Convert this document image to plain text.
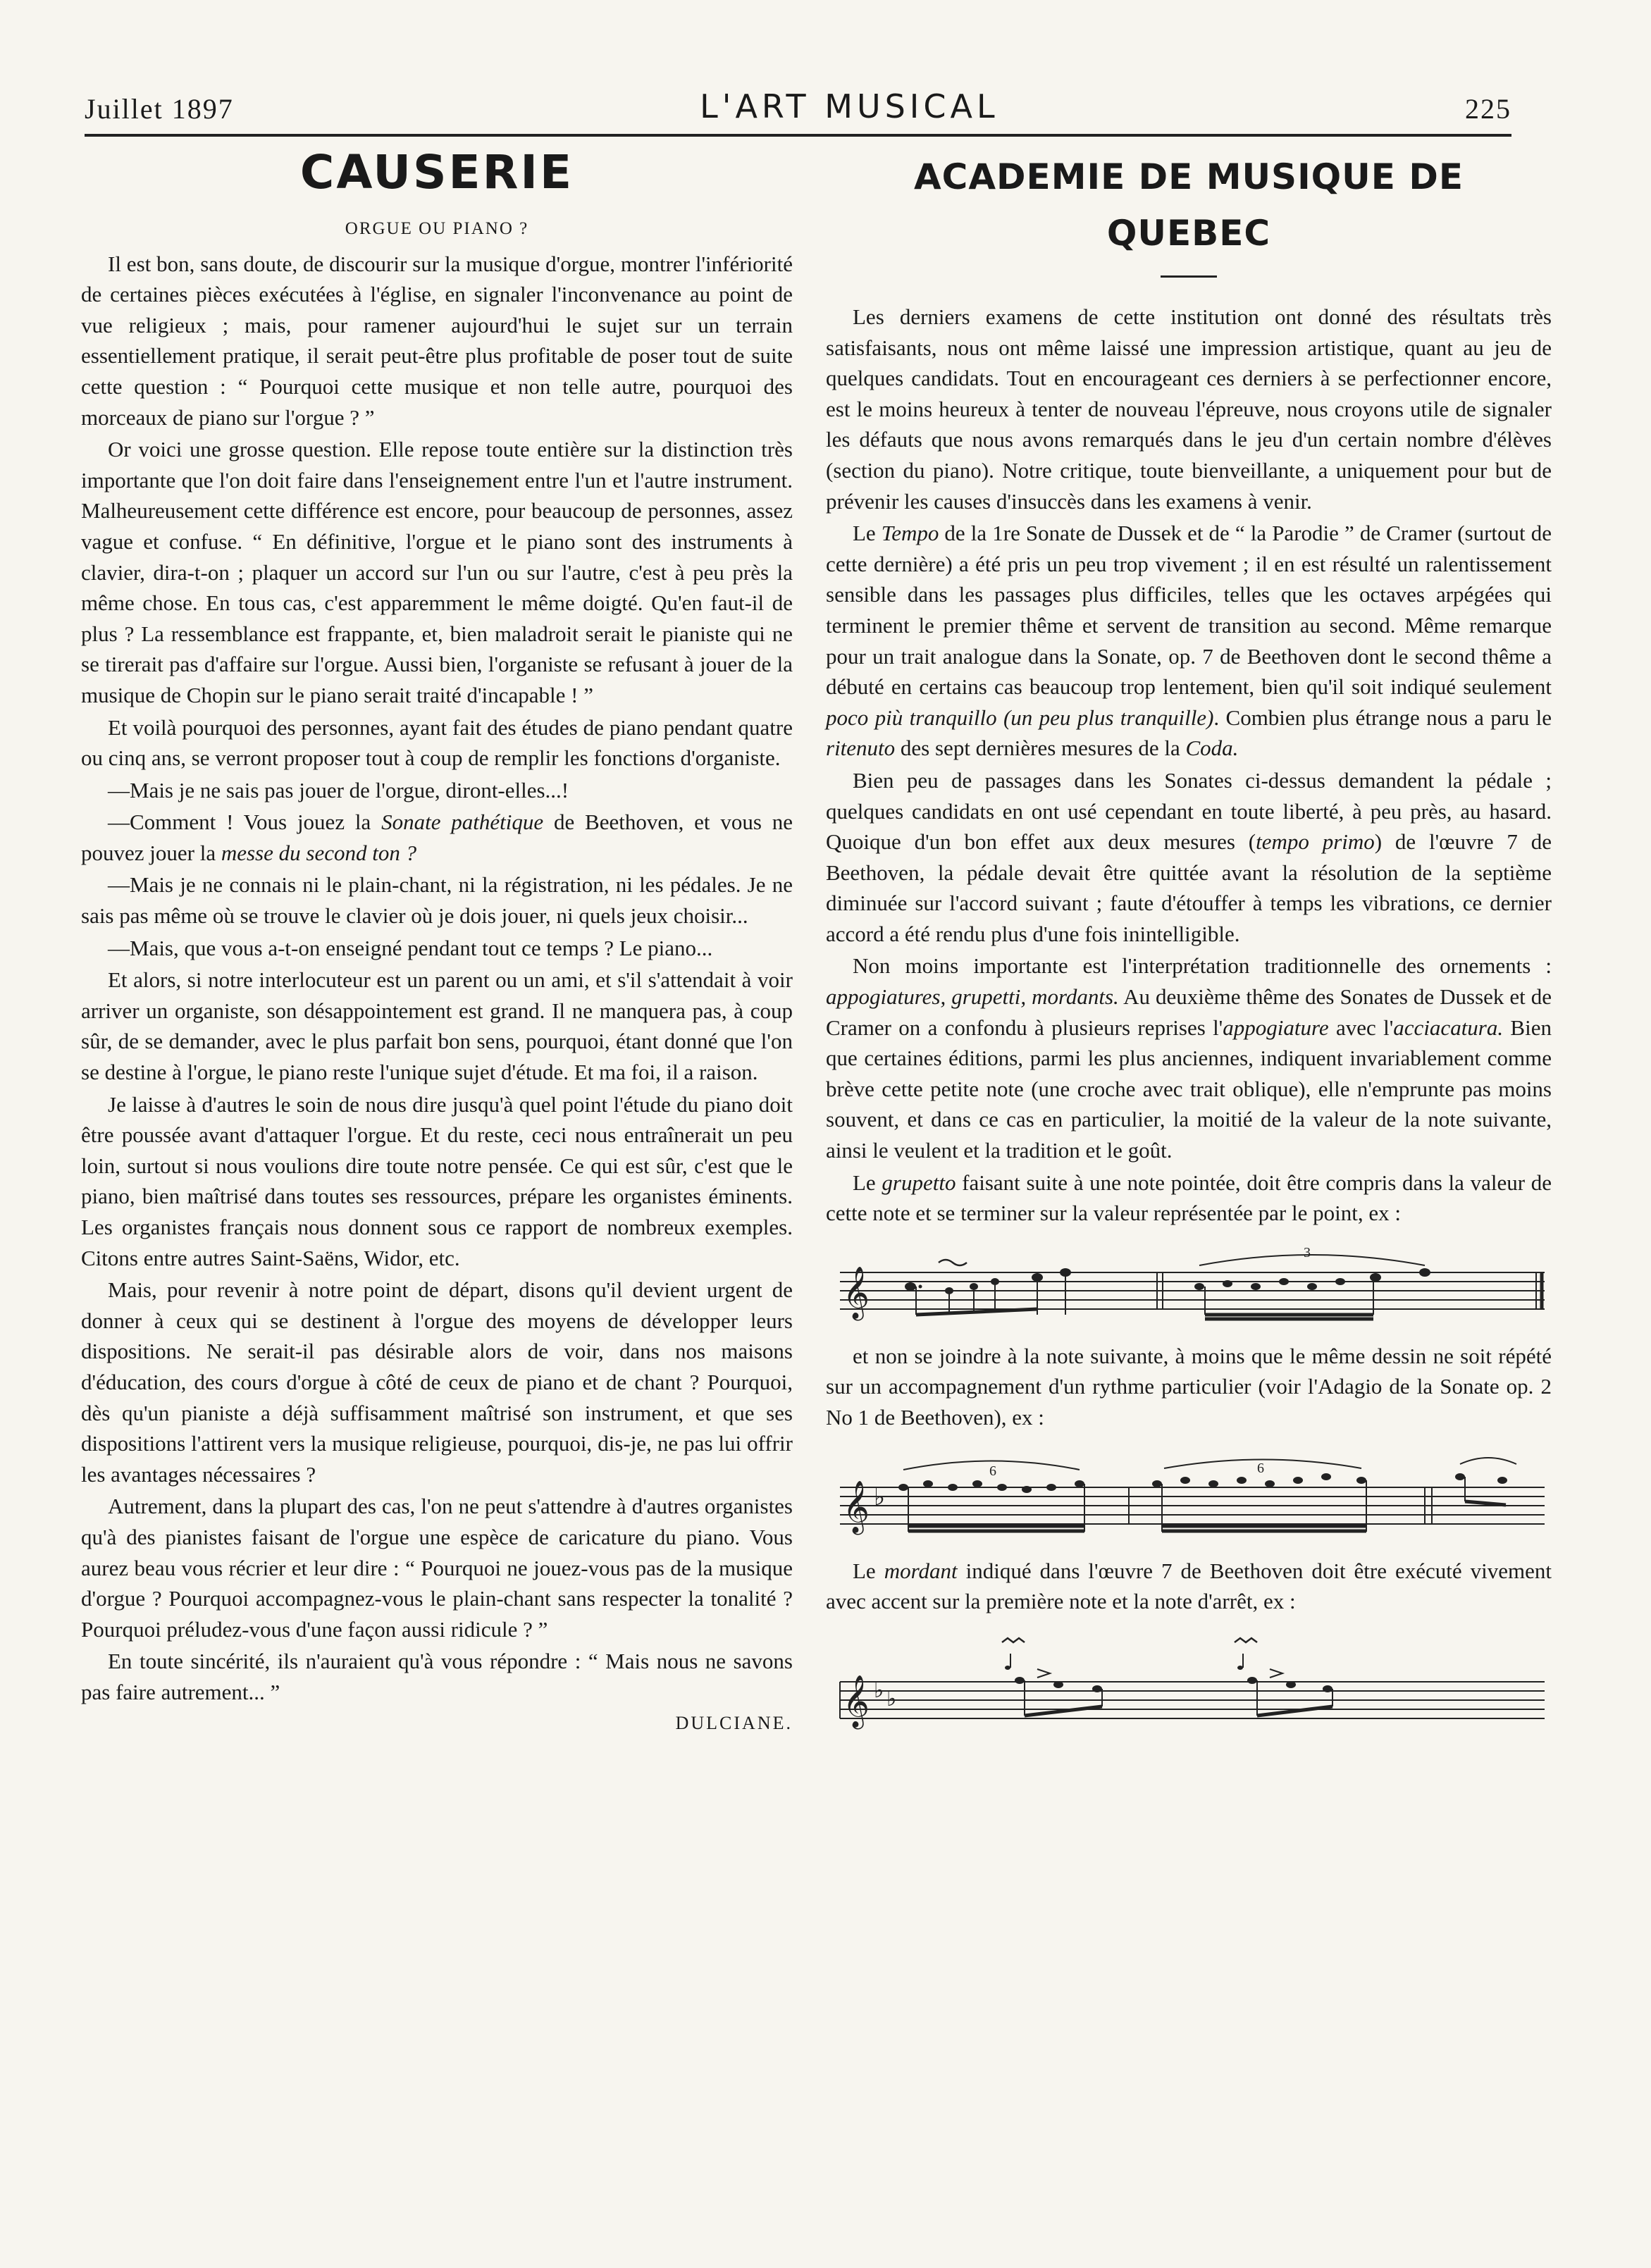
Juillet 1897	L'ART MUSICAL	225
CAUSERIE
ORGUE OU PIANO ?

Il est bon, sans doute, de discourir sur la musique d'orgue, montrer l'infériorité de certaines pièces exécutées à l'église, en signaler l'inconvenance au point de vue religieux ; mais, pour ramener aujourd'hui le sujet sur un terrain essentiellement pratique, il serait peut-être plus profitable de poser tout de suite cette question : “ Pourquoi cette musique et non telle autre, pourquoi des morceaux de piano sur l'orgue ? ”

Or voici une grosse question. Elle repose toute entière sur la distinction très importante que l'on doit faire dans l'enseignement entre l'un et l'autre instrument. Malheureusement cette différence est encore, pour beaucoup de personnes, assez vague et confuse. “ En définitive, l'orgue et le piano sont des instruments à clavier, dira-t-on ; plaquer un accord sur l'un ou sur l'autre, c'est à peu près la même chose. En tous cas, c'est apparemment le même doigté. Qu'en faut-il de plus ? La ressemblance est frappante, et, bien maladroit serait le pianiste qui ne se tirerait pas d'affaire sur l'orgue. Aussi bien, l'organiste se refusant à jouer de la musique de Chopin sur le piano serait traité d'incapable ! ”

Et voilà pourquoi des personnes, ayant fait des études de piano pendant quatre ou cinq ans, se verront proposer tout à coup de remplir les fonctions d'organiste.

—Mais je ne sais pas jouer de l'orgue, diront-elles...!

—Comment ! Vous jouez la Sonate pathétique de Beethoven, et vous ne pouvez jouer la messe du second ton ?

—Mais je ne connais ni le plain-chant, ni la régistration, ni les pédales. Je ne sais pas même où se trouve le clavier où je dois jouer, ni quels jeux choisir...

—Mais, que vous a-t-on enseigné pendant tout ce temps ? Le piano...

Et alors, si notre interlocuteur est un parent ou un ami, et s'il s'attendait à voir arriver un organiste, son désappointement est grand. Il ne manquera pas, à coup sûr, de se demander, avec le plus parfait bon sens, pourquoi, étant donné que l'on se destine à l'orgue, le piano reste l'unique sujet d'étude. Et ma foi, il a raison.

Je laisse à d'autres le soin de nous dire jusqu'à quel point l'étude du piano doit être poussée avant d'attaquer l'orgue. Et du reste, ceci nous entraînerait un peu loin, surtout si nous voulions dire toute notre pensée. Ce qui est sûr, c'est que le piano, bien maîtrisé dans toutes ses ressources, prépare les organistes éminents. Les organistes français nous donnent sous ce rapport de nombreux exemples. Citons entre autres Saint-Saëns, Widor, etc.

Mais, pour revenir à notre point de départ, disons qu'il devient urgent de donner à ceux qui se destinent à l'orgue des moyens de développer leurs dispositions. Ne serait-il pas désirable alors de voir, dans nos maisons d'éducation, des cours d'orgue à côté de ceux de piano et de chant ? Pourquoi, dès qu'un pianiste a déjà suffisamment maîtrisé son instrument, et que ses dispositions l'attirent vers la musique religieuse, pourquoi, dis-je, ne pas lui offrir les avantages nécessaires ?

Autrement, dans la plupart des cas, l'on ne peut s'attendre à d'autres organistes qu'à des pianistes faisant de l'orgue une espèce de caricature du piano. Vous aurez beau vous récrier et leur dire : “ Pourquoi ne jouez-vous pas de la musique d'orgue ? Pourquoi accompagnez-vous le plain-chant sans respecter la tonalité ? Pourquoi préludez-vous d'une façon aussi ridicule ? ”

En toute sincérité, ils n'auraient qu'à vous répondre : “ Mais nous ne savons pas faire autrement... ”

DULCIANE.
ACADEMIE DE MUSIQUE DE QUEBEC

Les derniers examens de cette institution ont donné des résultats très satisfaisants, nous ont même laissé une impression artistique, quant au jeu de quelques candidats. Tout en encourageant ces derniers à se perfectionner encore, est le moins heureux à tenter de nouveau l'épreuve, nous croyons utile de signaler les défauts que nous avons remarqués dans le jeu d'un certain nombre d'élèves (section du piano). Notre critique, toute bienveillante, a uniquement pour but de prévenir les causes d'insuccès dans les examens à venir.

Le Tempo de la 1re Sonate de Dussek et de “ la Parodie ” de Cramer (surtout de cette dernière) a été pris un peu trop vivement ; il en est résulté un ralentissement sensible dans les passages plus difficiles, telles que les octaves arpégées qui terminent le premier thême et servent de transition au second. Même remarque pour un trait analogue dans la Sonate, op. 7 de Beethoven dont le second thême a débuté en certains cas beaucoup trop lentement, bien qu'il soit indiqué seulement poco più tranquillo (un peu plus tranquille). Combien plus étrange nous a paru le ritenuto des sept dernières mesures de la Coda.

Bien peu de passages dans les Sonates ci-dessus demandent la pédale ; quelques candidats en ont usé cependant en toute liberté, à peu près, au hasard. Quoique d'un bon effet aux deux mesures (tempo primo) de l'œuvre 7 de Beethoven, la pédale devait être quittée avant la résolution de la septième diminuée sur l'accord suivant ; faute d'étouffer à temps les vibrations, ce dernier accord a été rendu plus d'une fois inintelligible.

Non moins importante est l'interprétation traditionnelle des ornements : appogiatures, grupetti, mordants. Au deuxième thême des Sonates de Dussek et de Cramer on a confondu à plusieurs reprises l'appogiature avec l'acciacatura. Bien que certaines éditions, parmi les plus anciennes, indiquent invariablement comme brève cette petite note (une croche avec trait oblique), elle n'emprunte pas moins souvent, et dans ce cas en particulier, la moitié de la valeur de la note suivante, ainsi le veulent et la tradition et le goût.

Le grupetto faisant suite à une note pointée, doit être compris dans la valeur de cette note et se terminer sur la valeur représentée par le point, ex :

𝄞
3

et non se joindre à la note suivante, à moins que le même dessin ne soit répété sur un accompagnement d'un rythme particulier (voir l'Adagio de la Sonate op. 2 No 1 de Beethoven), ex :

𝄞 ♭
6	6

Le mordant indiqué dans l'œuvre 7 de Beethoven doit être exécuté vivement avec accent sur la première note et la note d'arrêt, ex :

𝄞 ♭ ♭
